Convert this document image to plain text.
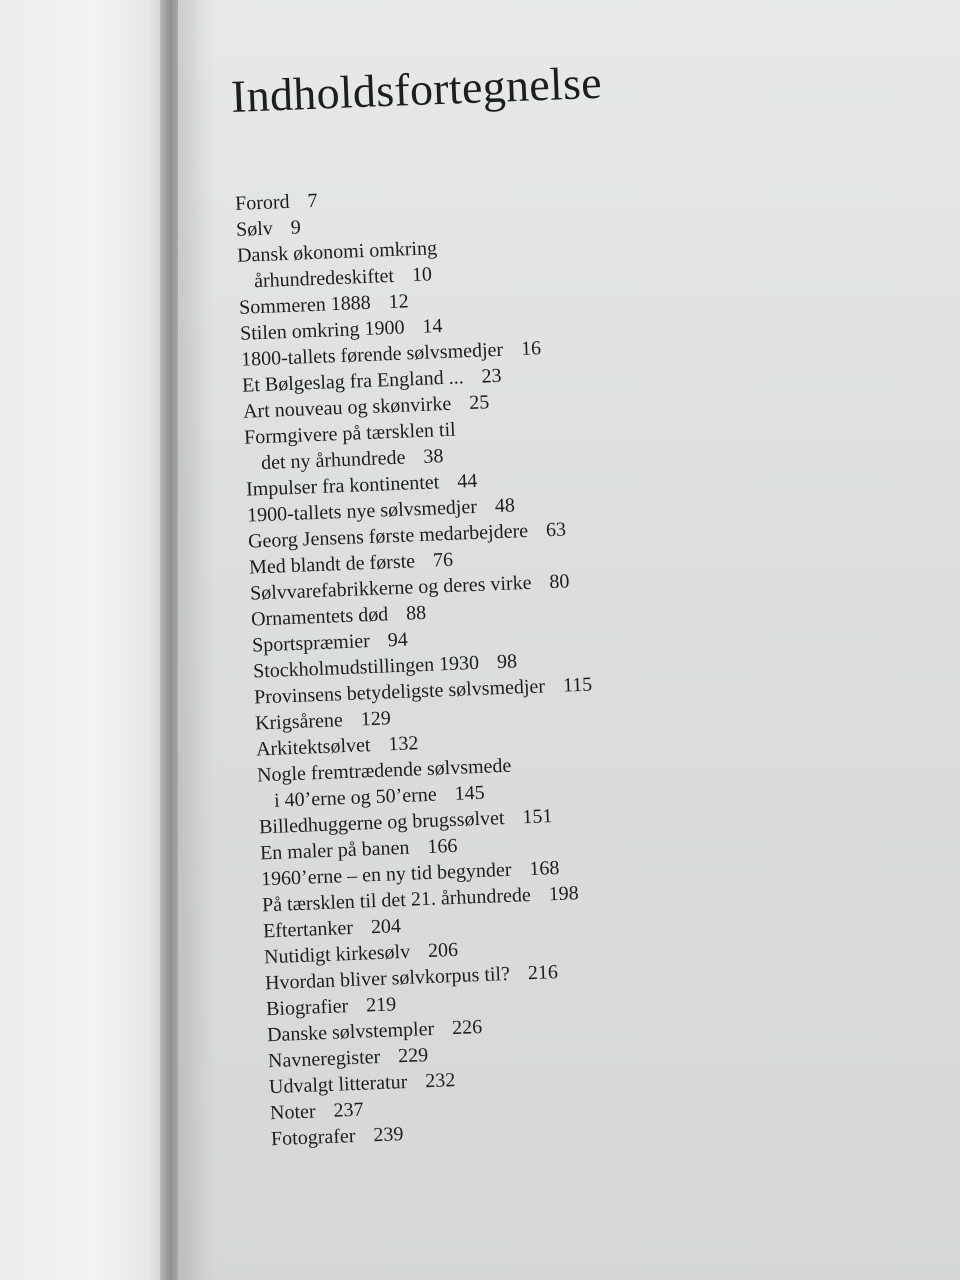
Indholdsfortegnelse
Forord 7
Sølv 9
Dansk økonomi omkring
århundredeskiftet 10
Sommeren 1888 12
Stilen omkring 1900 14
1800-tallets førende sølvsmedjer 16
Et Bølgeslag fra England ... 23
Art nouveau og skønvirke 25
Formgivere på tærsklen til
det ny århundrede 38
Impulser fra kontinentet 44
1900-tallets nye sølvsmedjer 48
Georg Jensens første medarbejdere 63
Med blandt de første 76
Sølvvarefabrikkerne og deres virke 80
Ornamentets død 88
Sportspræmier 94
Stockholmudstillingen 1930 98
Provinsens betydeligste sølvsmedjer 115
Krigsårene 129
Arkitektsølvet 132
Nogle fremtrædende sølvsmede
i 40’erne og 50’erne 145
Billedhuggerne og brugssølvet 151
En maler på banen 166
1960’erne – en ny tid begynder 168
På tærsklen til det 21. århundrede 198
Eftertanker 204
Nutidigt kirkesølv 206
Hvordan bliver sølvkorpus til? 216
Biografier 219
Danske sølvstempler 226
Navneregister 229
Udvalgt litteratur 232
Noter 237
Fotografer 239
